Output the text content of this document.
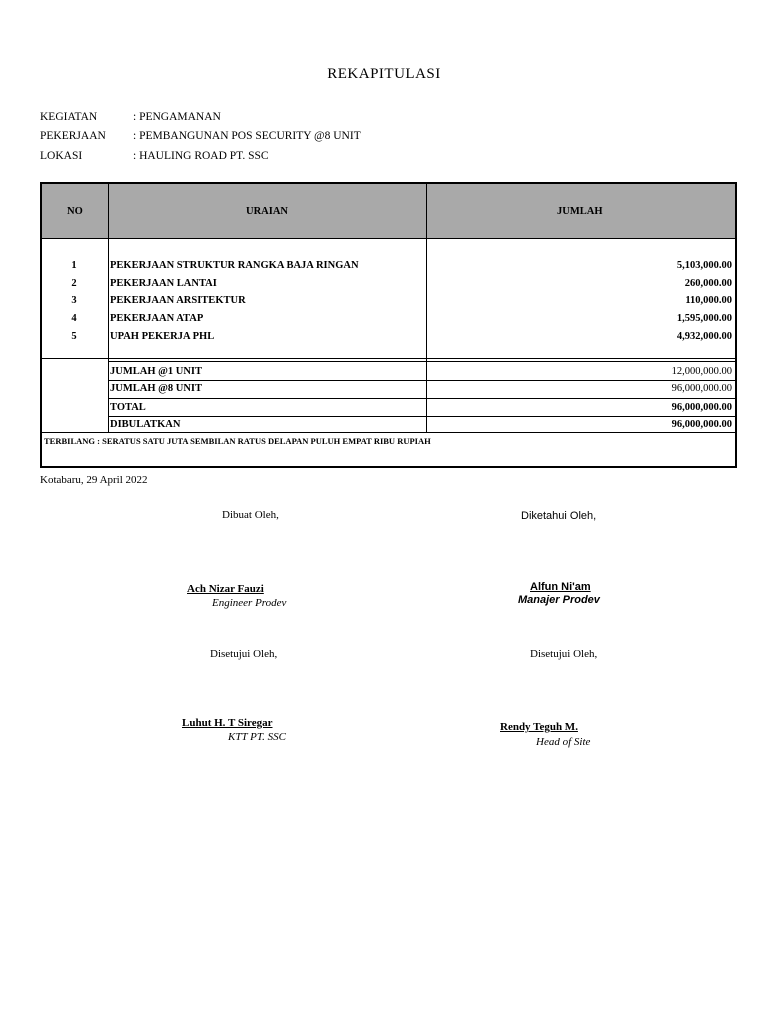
REKAPITULASI
KEGIATAN	: PENGAMANAN
PEKERJAAN : PEMBANGUNAN POS SECURITY @8 UNIT
LOKASI	: HAULING ROAD PT. SSC
NO	URAIAN	JUMLAH
1	PEKERJAAN STRUKTUR RANGKA BAJA RINGAN	5,103,000.00
2	PEKERJAAN LANTAI	260,000.00
3	PEKERJAAN ARSITEKTUR	110,000.00
4	PEKERJAAN ATAP	1,595,000.00
5	UPAH PEKERJA PHL	4,932,000.00
JUMLAH @1 UNIT	12,000,000.00
JUMLAH @8 UNIT	96,000,000.00
TOTAL	96,000,000.00
DIBULATKAN	96,000,000.00
TERBILANG : SERATUS SATU JUTA SEMBILAN RATUS DELAPAN PULUH EMPAT RIBU RUPIAH
Kotabaru, 29 April 2022
Dibuat Oleh,	Diketahui Oleh,
Ach Nizar Fauzi
Engineer Prodev
Alfun Ni'am
Manajer Prodev
Disetujui Oleh,	Disetujui Oleh,
Luhut H. T Siregar
KTT PT. SSC
Rendy Teguh M.
Head of Site
